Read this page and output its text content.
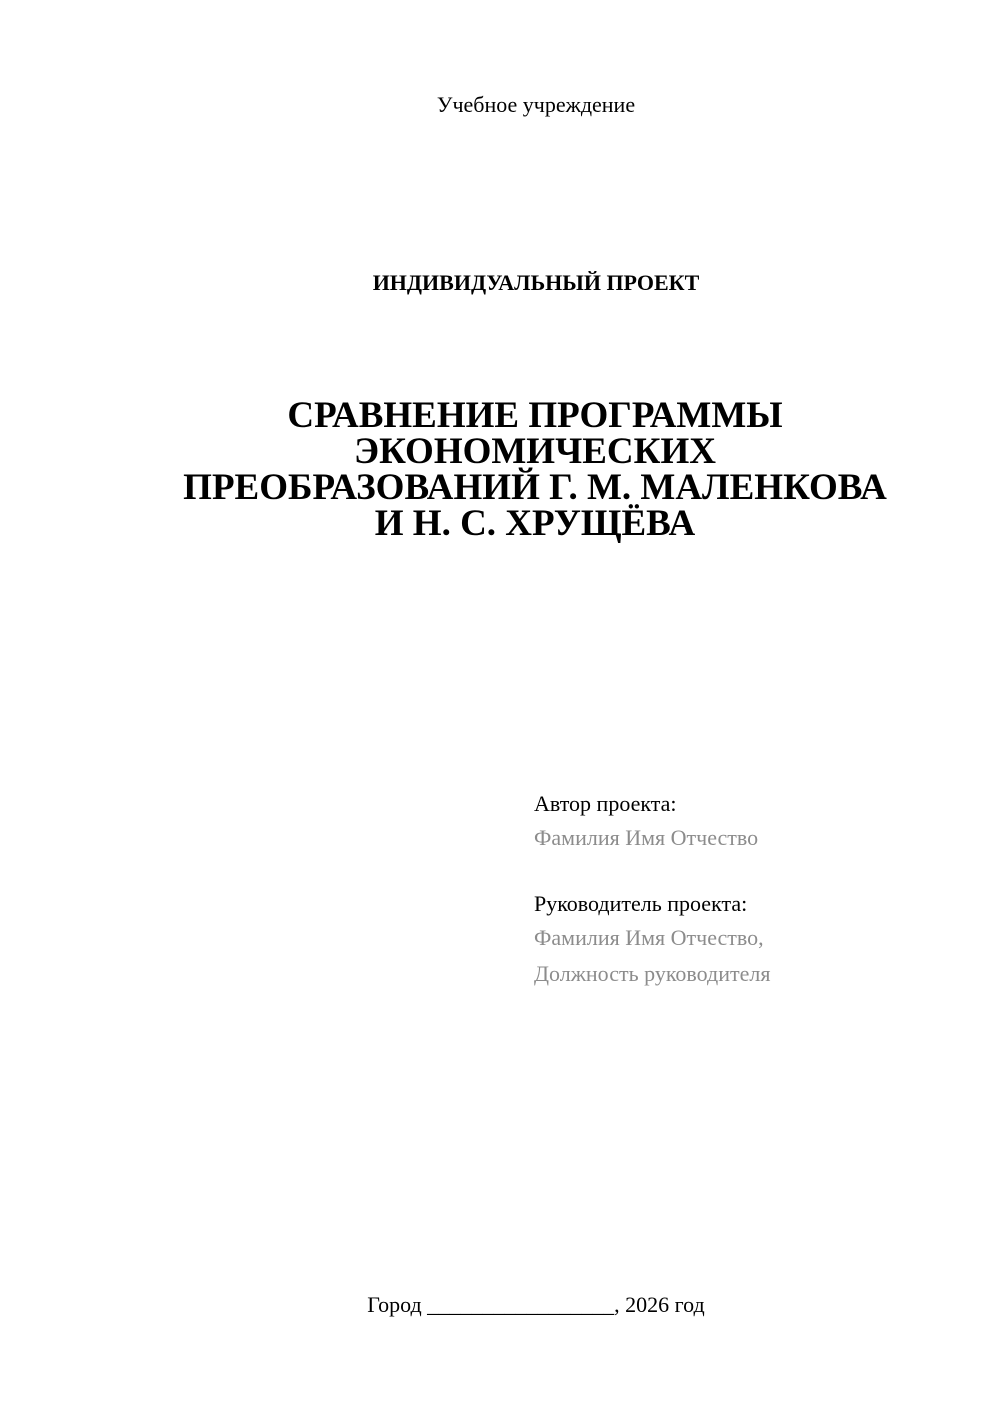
Учебное учреждение
ИНДИВИДУАЛЬНЫЙ ПРОЕКТ
СРАВНЕНИЕ ПРОГРАММЫ
ЭКОНОМИЧЕСКИХ
ПРЕОБРАЗОВАНИЙ Г. М. МАЛЕНКОВА
И Н. С. ХРУЩЁВА
Автор проекта:
Фамилия Имя Отчество
Руководитель проекта:
Фамилия Имя Отчество,
Должность руководителя
Город _________________, 2026 год
